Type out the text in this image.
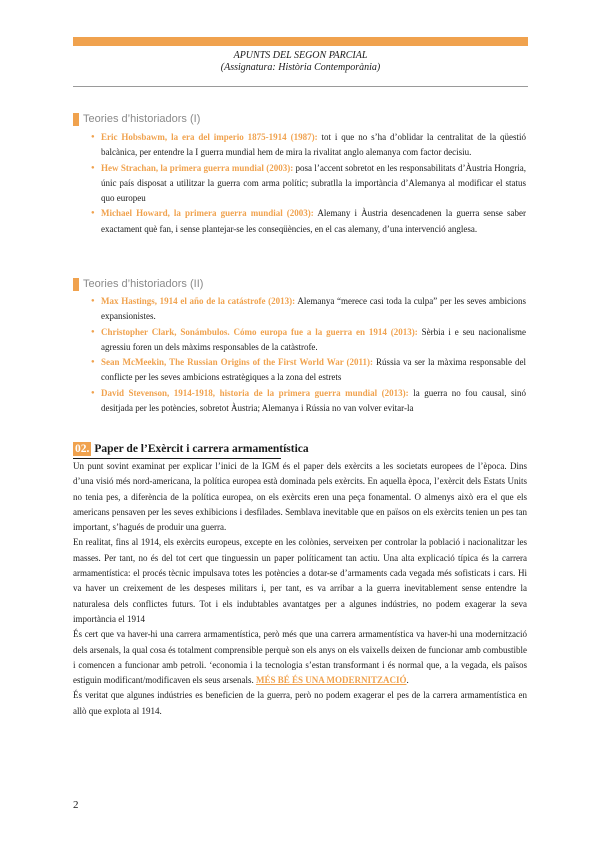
APUNTS DEL SEGON PARCIAL
(Assignatura: Història Contemporània)
Teories d’historiadors (I)
● Eric Hobsbawm, la era del imperio 1875-1914 (1987): tot i que no s’ha d’oblidar la centralitat de la qüestió balcànica, per entendre la I guerra mundial hem de mira la rivalitat anglo alemanya com factor decisiu.
● Hew Strachan, la primera guerra mundial (2003): posa l’accent sobretot en les responsabilitats d’Àustria Hongria, únic país disposat a utilitzar la guerra com arma polític; subratlla la importància d’Alemanya al modificar el status quo europeu
● Michael Howard, la primera guerra mundial (2003): Alemany i Àustria desencadenen la guerra sense saber exactament què fan, i sense plantejar-se les conseqüències, en el cas alemany, d’una intervenció anglesa.
Teories d’historiadors (II)
● Max Hastings, 1914 el año de la catástrofe (2013): Alemanya “merece casi toda la culpa” per les seves ambicions expansionistes.
● Christopher Clark, Sonámbulos. Cómo europa fue a la guerra en 1914 (2013): Sèrbia i e seu nacionalisme agressiu foren un dels màxims responsables de la catàstrofe.
● Sean McMeekin, The Russian Origins of the First World War (2011): Rússia va ser la màxima responsable del conflicte per les seves ambicions estratègiques a la zona del estrets
● David Stevenson, 1914-1918, historia de la primera guerra mundial (2013): la guerra no fou causal, sinó desitjada per les potències, sobretot Àustria; Alemanya i Rússia no van volver evitar-la
02. Paper de l’Exèrcit i carrera armamentística

Un punt sovint examinat per explicar l’inici de la IGM és el paper dels exèrcits a les societats europees de l’època. Dins d’una visió més nord-americana, la política europea està dominada pels exèrcits. En aquella època, l’exèrcit dels Estats Units no tenia pes, a diferència de la política europea, on els exèrcits eren una peça fonamental. O almenys això era el que els americans pensaven per les seves exhibicions i desfilades. Semblava inevitable que en països on els exèrcits tenien un pes tan important, s’hagués de produir una guerra.

En realitat, fins al 1914, els exèrcits europeus, excepte en les colònies, serveixen per controlar la població i nacionalitzar les masses. Per tant, no és del tot cert que tinguessin un paper políticament tan actiu. Una alta explicació típica és la carrera armamentística: el procés tècnic impulsava totes les potències a dotar-se d’armaments cada vegada més sofisticats i cars. Hi va haver un creixement de les despeses militars i, per tant, es va arribar a la guerra inevitablement sense entendre la naturalesa dels conflictes futurs. Tot i els indubtables avantatges per a algunes indústries, no podem exagerar la seva importància el 1914

És cert que va haver-hi una carrera armamentística, però més que una carrera armamentística va haver-hi una modernització dels arsenals, la qual cosa és totalment comprensible perquè son els anys on els vaixells deixen de funcionar amb combustible i comencen a funcionar amb petroli. ‘economia i la tecnologia s’estan transformant i és normal que, a la vegada, els països estiguin modificant/modificaven els seus arsenals. MÉS BÉ ÉS UNA MODERNITZACIÓ.

És veritat que algunes indústries es beneficien de la guerra, però no podem exagerar el pes de la carrera armamentística en allò que explota al 1914.

2
